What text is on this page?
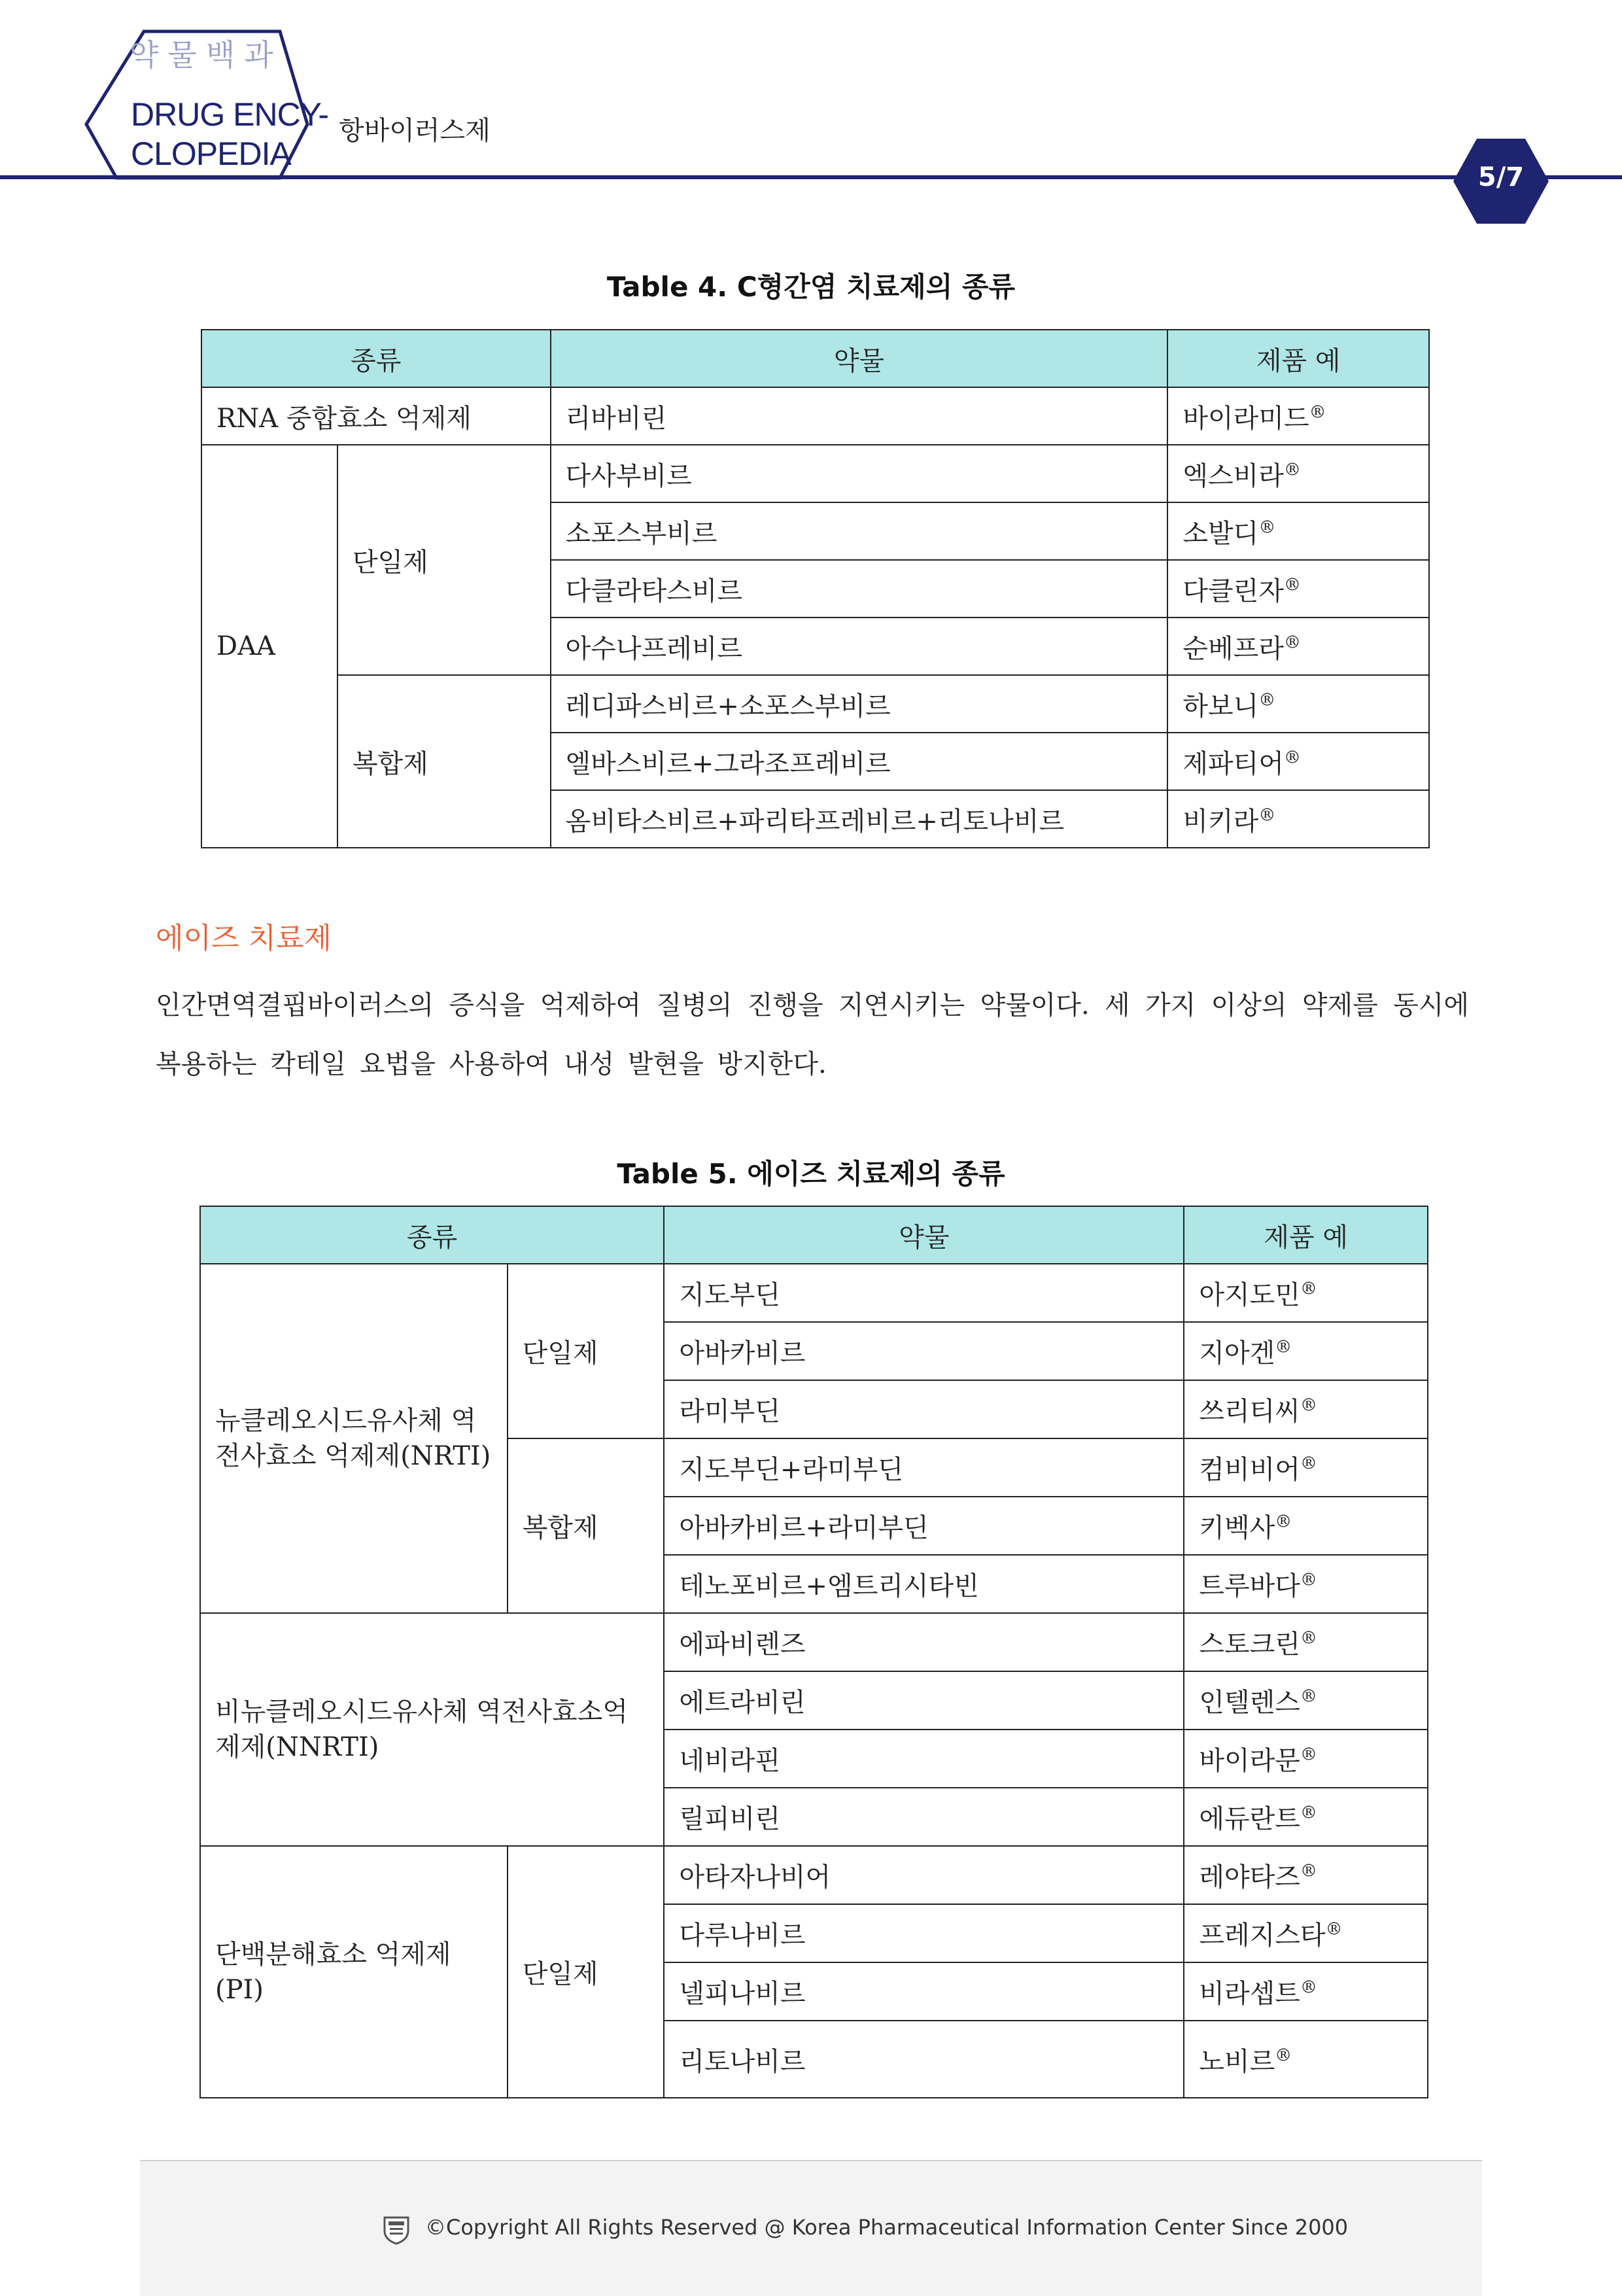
약물백과
DRUG ENCY-
CLOPEDIA
항바이러스제
5/7
Table 4. C형간염 치료제의 종류
종류		약물	제품 예
RNA 중합효소 억제제		리바비린	바이라미드®
DAA	단일제	다사부비르	엑스비라®
		소포스부비르	소발디®
		다클라타스비르	다클린자®
		아수나프레비르	순베프라®
	복합제	레디파스비르+소포스부비르	하보니®
		엘바스비르+그라조프레비르	제파티어®
		옴비타스비르+파리타프레비르+리토나비르	비키라®
에이즈 치료제
인간면역결핍바이러스의 증식을 억제하여 질병의 진행을 지연시키는 약물이다. 세 가지 이상의 약제를 동시에 복용하는 칵테일 요법을 사용하여 내성 발현을 방지한다.
Table 5. 에이즈 치료제의 종류
종류		약물	제품 예
뉴클레오시드유사체 역전사효소 억제제(NRTI)	단일제	지도부딘	아지도민®
		아바카비르	지아겐®
		라미부딘	쓰리티씨®
	복합제	지도부딘+라미부딘	컴비비어®
		아바카비르+라미부딘	키벡사®
		테노포비르+엠트리시타빈	트루바다®
비뉴클레오시드유사체 역전사효소억제제(NNRTI)		에파비렌즈	스토크린®
		에트라비린	인텔렌스®
		네비라핀	바이라문®
		릴피비린	에듀란트®
단백분해효소 억제제(PI)	단일제	아타자나비어	레야타즈®
		다루나비르	프레지스타®
		넬피나비르	비라셉트®
		리토나비르	노비르®
©Copyright All Rights Reserved @ Korea Pharmaceutical Information Center Since 2000
